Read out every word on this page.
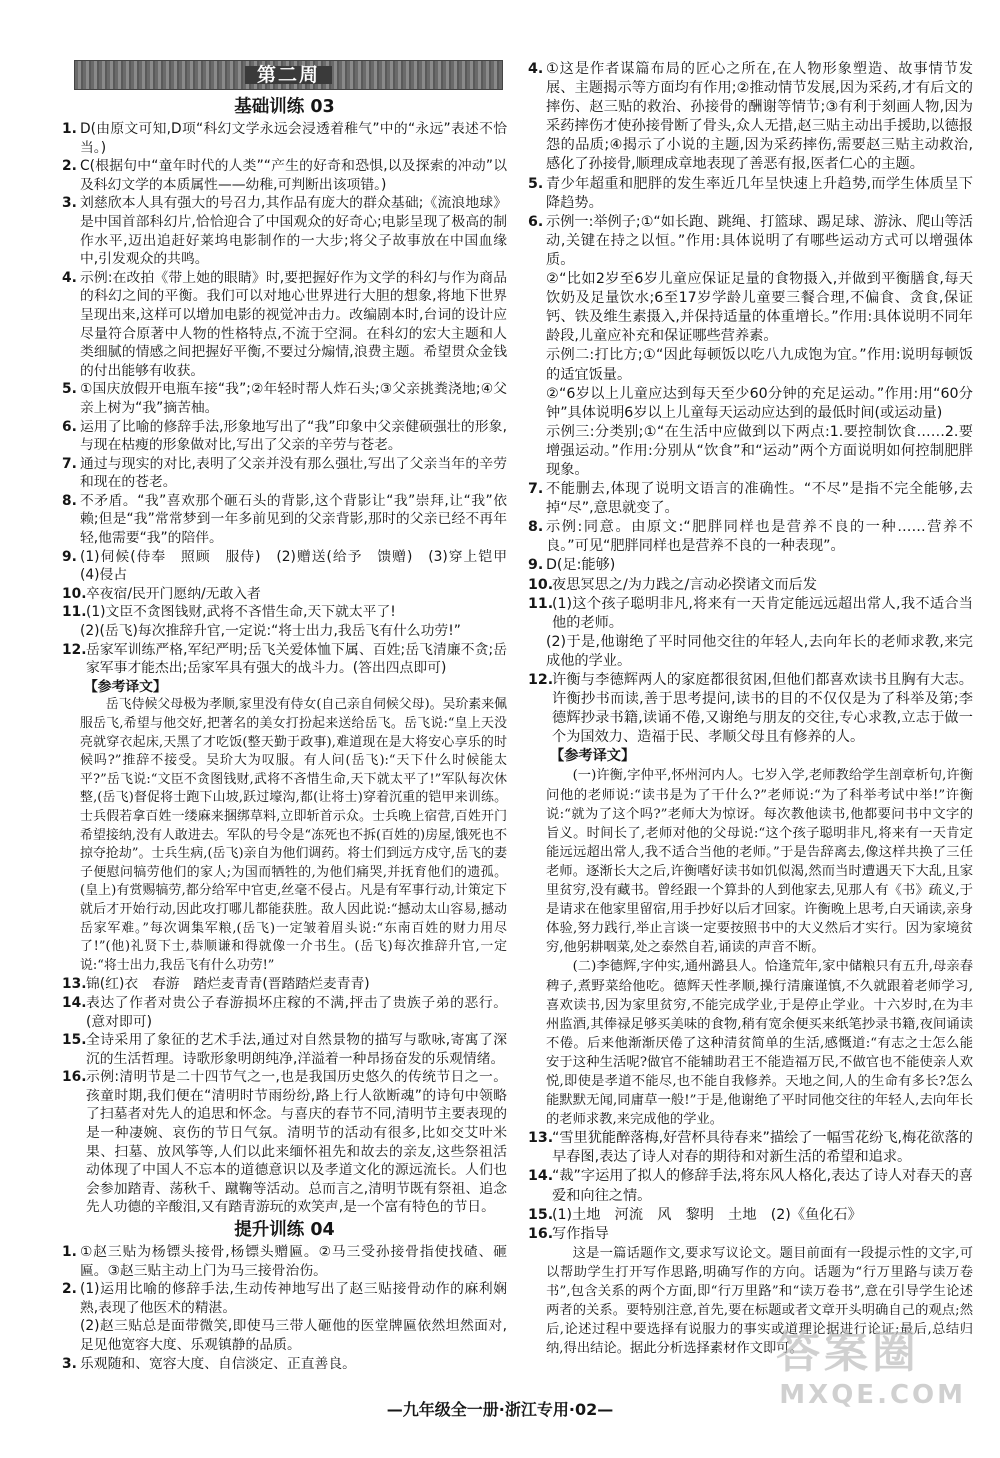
第二周
基础训练 03
1. D(由原文可知,D项“科幻文学永远会浸透着稚气”中的“永远”表述不恰当。)
2. C(根据句中“童年时代的人类”“产生的好奇和恐惧,以及探索的冲动”以及科幻文学的本质属性——幼稚,可判断出该项错。)
3. 刘慈欣本人具有强大的号召力,其作品有庞大的群众基础;《流浪地球》是中国首部科幻片,恰恰迎合了中国观众的好奇心;电影呈现了极高的制作水平,迈出追赶好莱坞电影制作的一大步;将父子故事放在中国血缘中,引发观众的共鸣。
4. 示例:在改拍《带上她的眼睛》时,要把握好作为文学的科幻与作为商品的科幻之间的平衡。我们可以对地心世界进行大胆的想象,将地下世界呈现出来,这样可以增加电影的视觉冲击力。改编剧本时,台词的设计应尽量符合原著中人物的性格特点,不流于空洞。在科幻的宏大主题和人类细腻的情感之间把握好平衡,不要过分煽情,浪费主题。希望贯众金钱的付出能够有收获。
5. ①国庆放假开电瓶车接“我”;②年轻时帮人炸石头;③父亲挑粪浇地;④父亲上树为“我”摘苦柚。
6. 运用了比喻的修辞手法,形象地写出了“我”印象中父亲健硕强壮的形象,与现在枯瘦的形象做对比,写出了父亲的辛劳与苍老。
7. 通过与现实的对比,表明了父亲并没有那么强壮,写出了父亲当年的辛劳和现在的苍老。
8. 不矛盾。“我”喜欢那个砸石头的背影,这个背影让“我”崇拜,让“我”依赖;但是“我”常常梦到一年多前见到的父亲背影,那时的父亲已经不再年轻,他需要“我”的陪伴。
9. (1)伺候(侍奉　照顾　服侍)　(2)赠送(给予　馈赠)　(3)穿上铠甲　(4)侵占
10. 卒夜宿/民开门愿纳/无敢入者
11. (1)文臣不贪图钱财,武将不吝惜生命,天下就太平了!
(2)(岳飞)每次推辞升官,一定说:“将士出力,我岳飞有什么功劳!”
12. 岳家军训练严格,军纪严明;岳飞关爱体恤下属、百姓;岳飞清廉不贪;岳家军事才能杰出;岳家军具有强大的战斗力。(答出四点即可)
【参考译文】
岳飞侍候父母极为孝顺,家里没有侍女(自己亲自伺候父母)。吴玠素来佩服岳飞,希望与他交好,把著名的美女打扮起来送给岳飞。岳飞说:“皇上天没亮就穿衣起床,天黑了才吃饭(整天勤于政事),难道现在是大将安心享乐的时候吗?”推辞不接受。吴玠大为叹服。有人问(岳飞):“天下什么时候能太平?”岳飞说:“文臣不贪图钱财,武将不吝惜生命,天下就太平了!”军队每次休整,(岳飞)督促将士跑下山坡,跃过壕沟,都(让将士)穿着沉重的铠甲来训练。士兵假若拿百姓一缕麻来捆绑草料,立即斩首示众。士兵晚上宿营,百姓开门希望接纳,没有人敢进去。军队的号令是“冻死也不拆(百姓的)房屋,饿死也不掠夺抢劫”。士兵生病,(岳飞)亲自为他们调药。将士们到远方戍守,岳飞的妻子便慰问犒劳他们的家人;为国而牺牲的,为他们痛哭,并抚育他们的遗孤。(皇上)有赏赐犒劳,都分给军中官吏,丝毫不侵占。凡是有军事行动,计策定下就后才开始行动,因此攻打哪儿都能获胜。敌人因此说:“撼动太山容易,撼动岳家军难。”每次调集军粮,(岳飞)一定皱着眉头说:“东南百姓的财力用尽了!”(他)礼贤下士,恭顺谦和得就像一介书生。(岳飞)每次推辞升官,一定说:“将士出力,我岳飞有什么功劳!”
13. 锦(红)衣　春游　踏烂麦青青(晋踏踏烂麦青青)
14. 表达了作者对贵公子春游损坏庄稼的不满,抨击了贵族子弟的恶行。(意对即可)
15. 全诗采用了象征的艺术手法,通过对自然景物的描写与歌咏,寄寓了深沉的生活哲理。诗歌形象明朗纯净,洋溢着一种昂扬奋发的乐观情绪。
16. 示例:清明节是二十四节气之一,也是我国历史悠久的传统节日之一。孩童时期,我们便在“清明时节雨纷纷,路上行人欲断魂”的诗句中领略了扫墓者对先人的追思和怀念。与喜庆的春节不同,清明节主要表现的是一种凄婉、哀伤的节日气氛。清明节的活动有很多,比如交艾叶米果、扫墓、放风筝等,人们以此来缅怀祖先和故去的亲友,这些祭祖活动体现了中国人不忘本的道德意识以及孝道文化的源远流长。人们也会参加踏青、荡秋千、蹴鞠等活动。总而言之,清明节既有祭祖、追念先人功德的辛酸泪,又有踏青游玩的欢笑声,是一个富有特色的节日。
提升训练 04
1. ①赵三贴为杨镖头接骨,杨镖头赠匾。②马三受孙接骨指使找碴、砸匾。③赵三贴主动上门为马三接骨治伤。
2. (1)运用比喻的修辞手法,生动传神地写出了赵三贴接骨动作的麻利娴熟,表现了他医术的精湛。
(2)赵三贴总是面带微笑,即使马三带人砸他的医堂牌匾依然坦然面对,足见他宽容大度、乐观镇静的品质。
3. 乐观随和、宽容大度、自信淡定、正直善良。
4. ①这是作者谋篇布局的匠心之所在,在人物形象塑造、故事情节发展、主题揭示等方面均有作用;②推动情节发展,因为采药,才有后文的摔伤、赵三贴的救治、孙接骨的酬谢等情节;③有利于刻画人物,因为采药摔伤才使孙接骨断了骨头,众人无措,赵三贴主动出手援助,以德报怨的品质;④揭示了小说的主题,因为采药摔伤,需要赵三贴主动救治,感化了孙接骨,顺理成章地表现了善恶有报,医者仁心的主题。
5. 青少年超重和肥胖的发生率近几年呈快速上升趋势,而学生体质呈下降趋势。
6. 示例一:举例子;①“如长跑、跳绳、打篮球、踢足球、游泳、爬山等活动,关键在持之以恒。”作用:具体说明了有哪些运动方式可以增强体质。
②“比如2岁至6岁儿童应保证足量的食物摄入,并做到平衡膳食,每天饮奶及足量饮水;6至17岁学龄儿童要三餐合理,不偏食、贪食,保证钙、铁及维生素摄入,并保持适量的体重增长。”作用:具体说明不同年龄段,儿童应补充和保证哪些营养素。
示例二:打比方;①“因此每顿饭以吃八九成饱为宜。”作用:说明每顿饭的适宜饭量。
②“6岁以上儿童应达到每天至少60分钟的充足运动。”作用:用“60分钟”具体说明6岁以上儿童每天运动应达到的最低时间(或运动量)
示例三:分类别;①“在生活中应做到以下两点:1.要控制饮食……2.要增强运动。”作用:分别从“饮食”和“运动”两个方面说明如何控制肥胖现象。
7. 不能删去,体现了说明文语言的准确性。“不尽”是指不完全能够,去掉“尽”,意思就变了。
8. 示例:同意。由原文:“肥胖同样也是营养不良的一种……营养不良。”可见“肥胖同样也是营养不良的一种表现”。
9. D(足:能够)
10.
夜思冥思之/为力践之/言动必揆诸文而后发
11.
(1)这个孩子聪明非凡,将来有一天肯定能远远超出常人,我不适合当他的老师。
(2)于是,他谢绝了平时同他交往的年轻人,去向年长的老师求教,来完成他的学业。
12.
许衡与李德辉两人的家庭都很贫困,但他们都喜欢读书且胸有大志。许衡抄书而读,善于思考提问,读书的目的不仅仅是为了科举及第;李德辉抄录书籍,读诵不倦,又谢绝与朋友的交往,专心求教,立志于做一个为国效力、造福于民、孝顺父母且有修养的人。
【参考译文】
(一)许衡,字仲平,怀州河内人。七岁入学,老师教给学生剖章析句,许衡问他的老师说:“读书是为了干什么?”老师说:“为了科举考试中举!”许衡说:“就为了这个吗?”老师大为惊讶。每次教他读书,他都要问书中文字的旨义。时间长了,老师对他的父母说:“这个孩子聪明非凡,将来有一天肯定能远远超出常人,我不适合当他的老师。”于是告辞离去,像这样共换了三任老师。逐渐长大之后,许衡嗜好读书如饥似渴,然而当时遭遇天下大乱,且家里贫穷,没有藏书。曾经跟一个算卦的人到他家去,见那人有《书》疏义,于是请求在他家里留宿,用手抄好以后才回家。许衡晚上思考,白天诵读,亲身体验,努力践行,举止言谈一定要按照书中的大义然后才实行。因为家境贫穷,他躬耕咽菜,处之泰然自若,诵读的声音不断。
(二)李德辉,字仲实,通州潞县人。恰逢荒年,家中储粮只有五升,母亲春稗子,煮野菜给他吃。德辉天性孝顺,操行清廉谨慎,不久就跟着老师学习,喜欢读书,因为家里贫穷,不能完成学业,于是停止学业。十六岁时,在为丰州监酒,其俸禄足够买美味的食物,稍有宽余便买来纸笔抄录书籍,夜间诵读不倦。后来他渐渐厌倦了这种清贫简单的生活,感慨道:“有志之士怎么能安于这种生活呢?做官不能辅助君王不能造福万民,不做官也不能使亲人欢悦,即使是孝道不能尽,也不能自我修养。天地之间,人的生命有多长?怎么能默默无闻,同庸草一般!”于是,他谢绝了平时同他交往的年轻人,去向年长的老师求教,来完成他的学业。
13.
“雪里犹能醉落梅,好营杯具待春来”描绘了一幅雪花纷飞,梅花欲落的早春图,表达了诗人对春的期待和对新生活的希望和追求。
14.
“裁”字运用了拟人的修辞手法,将东风人格化,表达了诗人对春天的喜爱和向往之情。
15.
(1)土地　河流　风　黎明　土地　(2)《鱼化石》
16.
写作指导
这是一篇话题作文,要求写议论文。题目前面有一段提示性的文字,可以帮助学生打开写作思路,明确写作的方向。话题为“行万里路与读万卷书”,包含关系的两个方面,即“行万里路”和“读万卷书”,意在引导学生论述两者的关系。要特别注意,首先,要在标题或者文章开头明确自己的观点;然后,论述过程中要选择有说服力的事实或道理论据进行论证;最后,总结归纳,得出结论。据此分析选择素材作文即可。
—九年级全一册·浙江专用·02—
答案圈
MXQE.COM
